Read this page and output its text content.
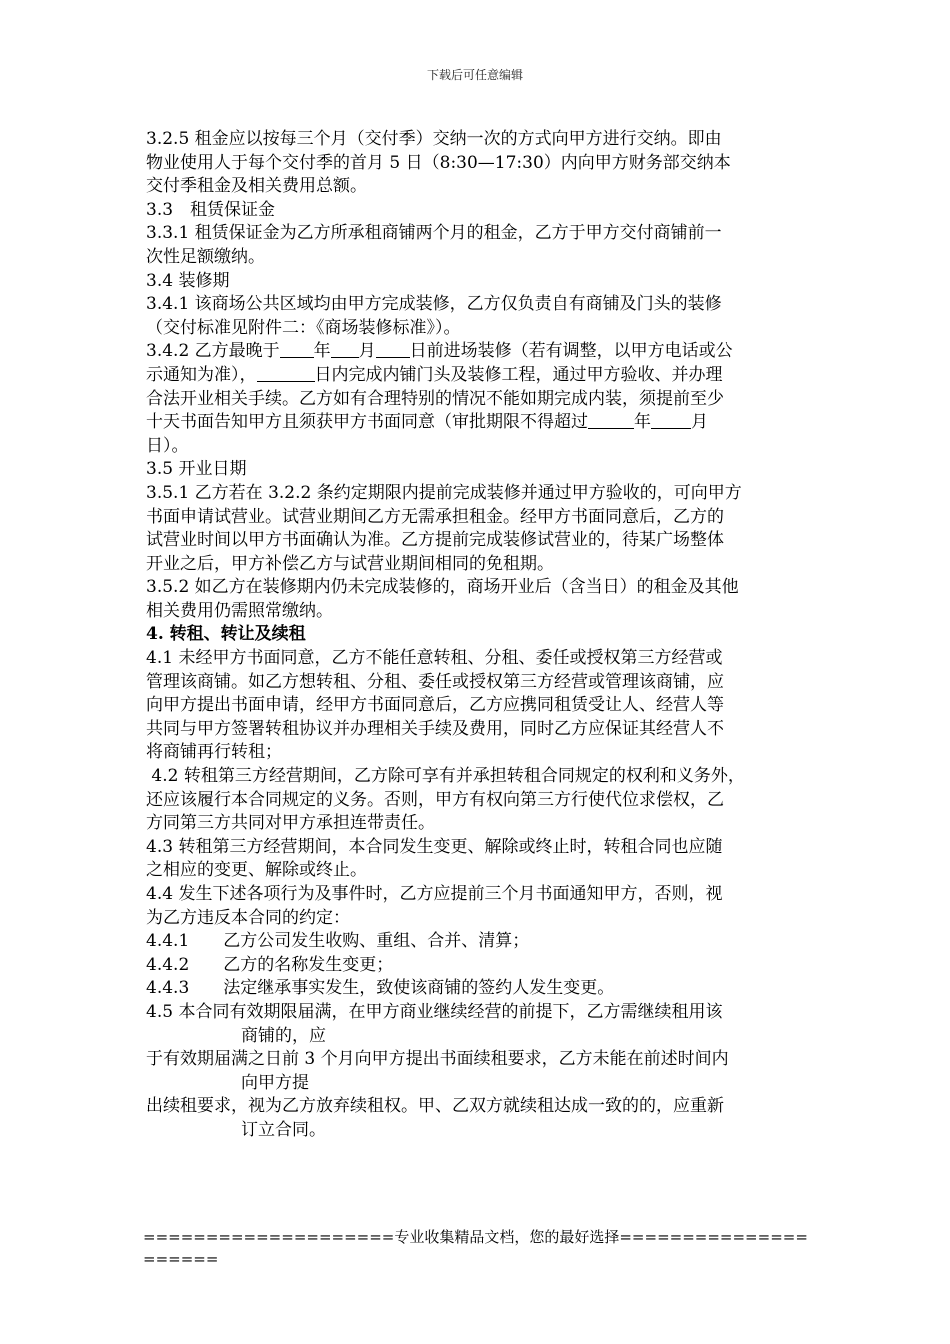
下载后可任意编辑
3.2.5 租金应以按每三个月（交付季）交纳一次的方式向甲方进行交纳。即由
物业使用人于每个交付季的首月 5 日（8:30—17:30）内向甲方财务部交纳本
交付季租金及相关费用总额。
3.3　租赁保证金
3.3.1 租赁保证金为乙方所承租商铺两个月的租金，乙方于甲方交付商铺前一
次性足额缴纳。
3.4 装修期
3.4.1 该商场公共区域均由甲方完成装修，乙方仅负责自有商铺及门头的装修
（交付标准见附件二：《商场装修标准》）。
3.4.2 乙方最晚于 年 月 日前进场装修（若有调整，以甲方电话或公
示通知为准），	日内完成内铺门头及装修工程，通过甲方验收、并办理
合法开业相关手续。乙方如有合理特别的情况不能如期完成内装，须提前至少
十天书面告知甲方且须获甲方书面同意（审批期限不得超过	年 月
日）。
3.5 开业日期
3.5.1 乙方若在 3.2.2 条约定期限内提前完成装修并通过甲方验收的，可向甲方
书面申请试营业。试营业期间乙方无需承担租金。经甲方书面同意后，乙方的
试营业时间以甲方书面确认为准。乙方提前完成装修试营业的，待某广场整体
开业之后，甲方补偿乙方与试营业期间相同的免租期。
3.5.2 如乙方在装修期内仍未完成装修的，商场开业后（含当日）的租金及其他
相关费用仍需照常缴纳。
4. 转租、转让及续租
4.1 未经甲方书面同意，乙方不能任意转租、分租、委任或授权第三方经营或
管理该商铺。如乙方想转租、分租、委任或授权第三方经营或管理该商铺，应
向甲方提出书面申请，经甲方书面同意后，乙方应携同租赁受让人、经营人等
共同与甲方签署转租协议并办理相关手续及费用，同时乙方应保证其经营人不
将商铺再行转租；
4.2 转租第三方经营期间，乙方除可享有并承担转租合同规定的权利和义务外，
还应该履行本合同规定的义务。否则，甲方有权向第三方行使代位求偿权，乙
方同第三方共同对甲方承担连带责任。
4.3 转租第三方经营期间，本合同发生变更、解除或终止时，转租合同也应随
之相应的变更、解除或终止。
4.4 发生下述各项行为及事件时，乙方应提前三个月书面通知甲方，否则，视
为乙方违反本合同的约定：
4.4.1　　乙方公司发生收购、重组、合并、清算；
4.4.2　　乙方的名称发生变更；
4.4.3　　法定继承事实发生，致使该商铺的签约人发生变更。
4.5 本合同有效期限届满，在甲方商业继续经营的前提下，乙方需继续租用该
商铺的，应
于有效期届满之日前 3 个月向甲方提出书面续租要求，乙方未能在前述时间内
向甲方提
出续租要求，视为乙方放弃续租权。甲、乙双方就续租达成一致的的，应重新
订立合同。
====================专业收集精品文档，您的最好选择=====================
